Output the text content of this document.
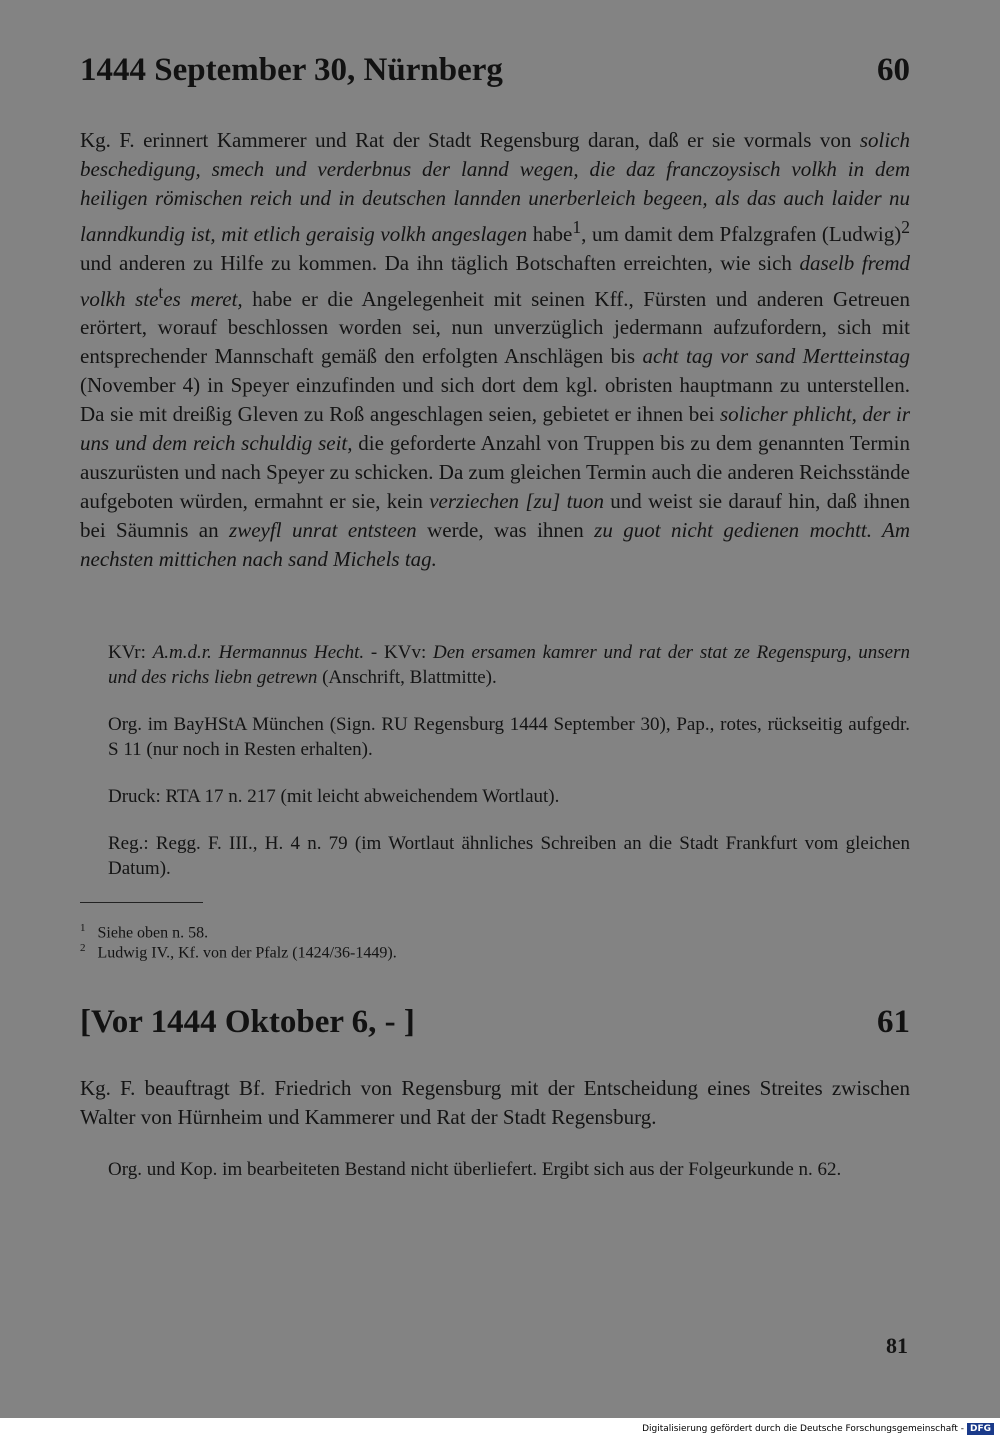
1444 September 30, Nürnberg	60
Kg. F. erinnert Kammerer und Rat der Stadt Regensburg daran, daß er sie vormals von solich beschedigung, smech und verderbnus der lannd wegen, die daz franczoysisch volkh in dem heiligen römischen reich und in deutschen lannden unerberleich begeen, als das auch laider nu lanndkundig ist, mit etlich geraisig volkh angeslagen habe$^1$, um damit dem Pfalzgrafen (Ludwig)$^2$ und anderen zu Hilfe zu kommen. Da ihn täglich Botschaften erreichten, wie sich daselb fremd volkh ste$^t$es meret, habe er die Angelegenheit mit seinen Kff., Fürsten und anderen Getreuen erörtert, worauf beschlossen worden sei, nun unverzüglich jedermann aufzufordern, sich mit entsprechender Mannschaft gemäß den erfolgten Anschlägen bis acht tag vor sand Mertteinstag (November 4) in Speyer einzufinden und sich dort dem kgl. obristen hauptmann zu unterstellen. Da sie mit dreißig Gleven zu Roß angeschlagen seien, gebietet er ihnen bei solicher phlicht, der ir uns und dem reich schuldig seit, die geforderte Anzahl von Truppen bis zu dem genannten Termin auszurüsten und nach Speyer zu schicken. Da zum gleichen Termin auch die anderen Reichsstände aufgeboten würden, ermahnt er sie, kein verziechen [zu] tuon und weist sie darauf hin, daß ihnen bei Säumnis an zweyfl unrat entsteen werde, was ihnen zu guot nicht gedienen mochtt. Am nechsten mittichen nach sand Michels tag.
KVr: A.m.d.r. Hermannus Hecht. - KVv: Den ersamen kamrer und rat der stat ze Regenspurg, unsern und des richs liebn getrewn (Anschrift, Blattmitte).
Org. im BayHStA München (Sign. RU Regensburg 1444 September 30), Pap., rotes, rückseitig aufgedr. S 11 (nur noch in Resten erhalten).
Druck: RTA 17 n. 217 (mit leicht abweichendem Wortlaut).
Reg.: Regg. F. III., H. 4 n. 79 (im Wortlaut ähnliches Schreiben an die Stadt Frankfurt vom gleichen Datum).
$^1$ Siehe oben n. 58.
$^2$ Ludwig IV., Kf. von der Pfalz (1424/36-1449).
[Vor 1444 Oktober 6, - ]	61
Kg. F. beauftragt Bf. Friedrich von Regensburg mit der Entscheidung eines Streites zwischen Walter von Hürnheim und Kammerer und Rat der Stadt Regensburg.
Org. und Kop. im bearbeiteten Bestand nicht überliefert. Ergibt sich aus der Folgeurkunde n. 62.
81
Digitalisierung gefördert durch die Deutsche Forschungsgemeinschaft - DFG
